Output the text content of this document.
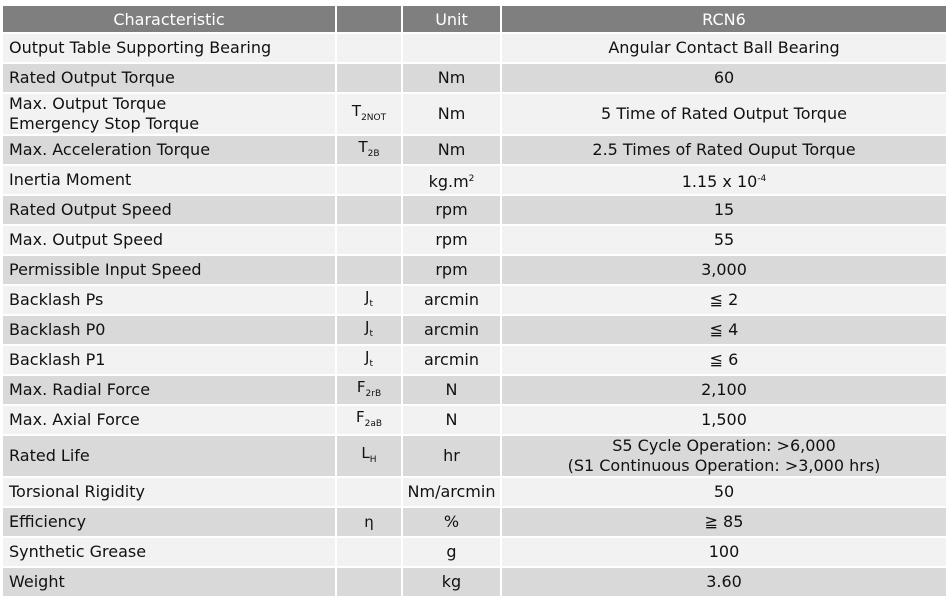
Characteristic		Unit	RCN6
Output Table Supporting Bearing			Angular Contact Ball Bearing
Rated Output Torque		Nm	60

Max. Output Torque
Emergency Stop Torque	$T_{2NOT}$	Nm	5 Time of Rated Output Torque
Max. Acceleration Torque	$T_{2B}$	Nm	2.5 Times of Rated Ouput Torque
Inertia Moment		$kg.m^2$	1.15 x $10^{-4}$
Rated Output Speed		rpm	15
Max. Output Speed		rpm	55
Permissible Input Speed		rpm	3,000
Backlash Ps	$J_t$	arcmin	≦ 2
Backlash P0	$J_t$	arcmin	≦ 4
Backlash P1	$J_t$	arcmin	≦ 6
Max. Radial Force	$F_{2rB}$	N	2,100
Max. Axial Force	$F_{2aB}$	N	1,500
Rated Life	$L_H$	hr	S5 Cycle Operation: >6,000
(S1 Continuous Operation: >3,000 hrs)

Torsional Rigidity		Nm/arcmin	50
Efficiency	η	%	≧ 85
Synthetic Grease		g	100
Weight		kg	3.60
